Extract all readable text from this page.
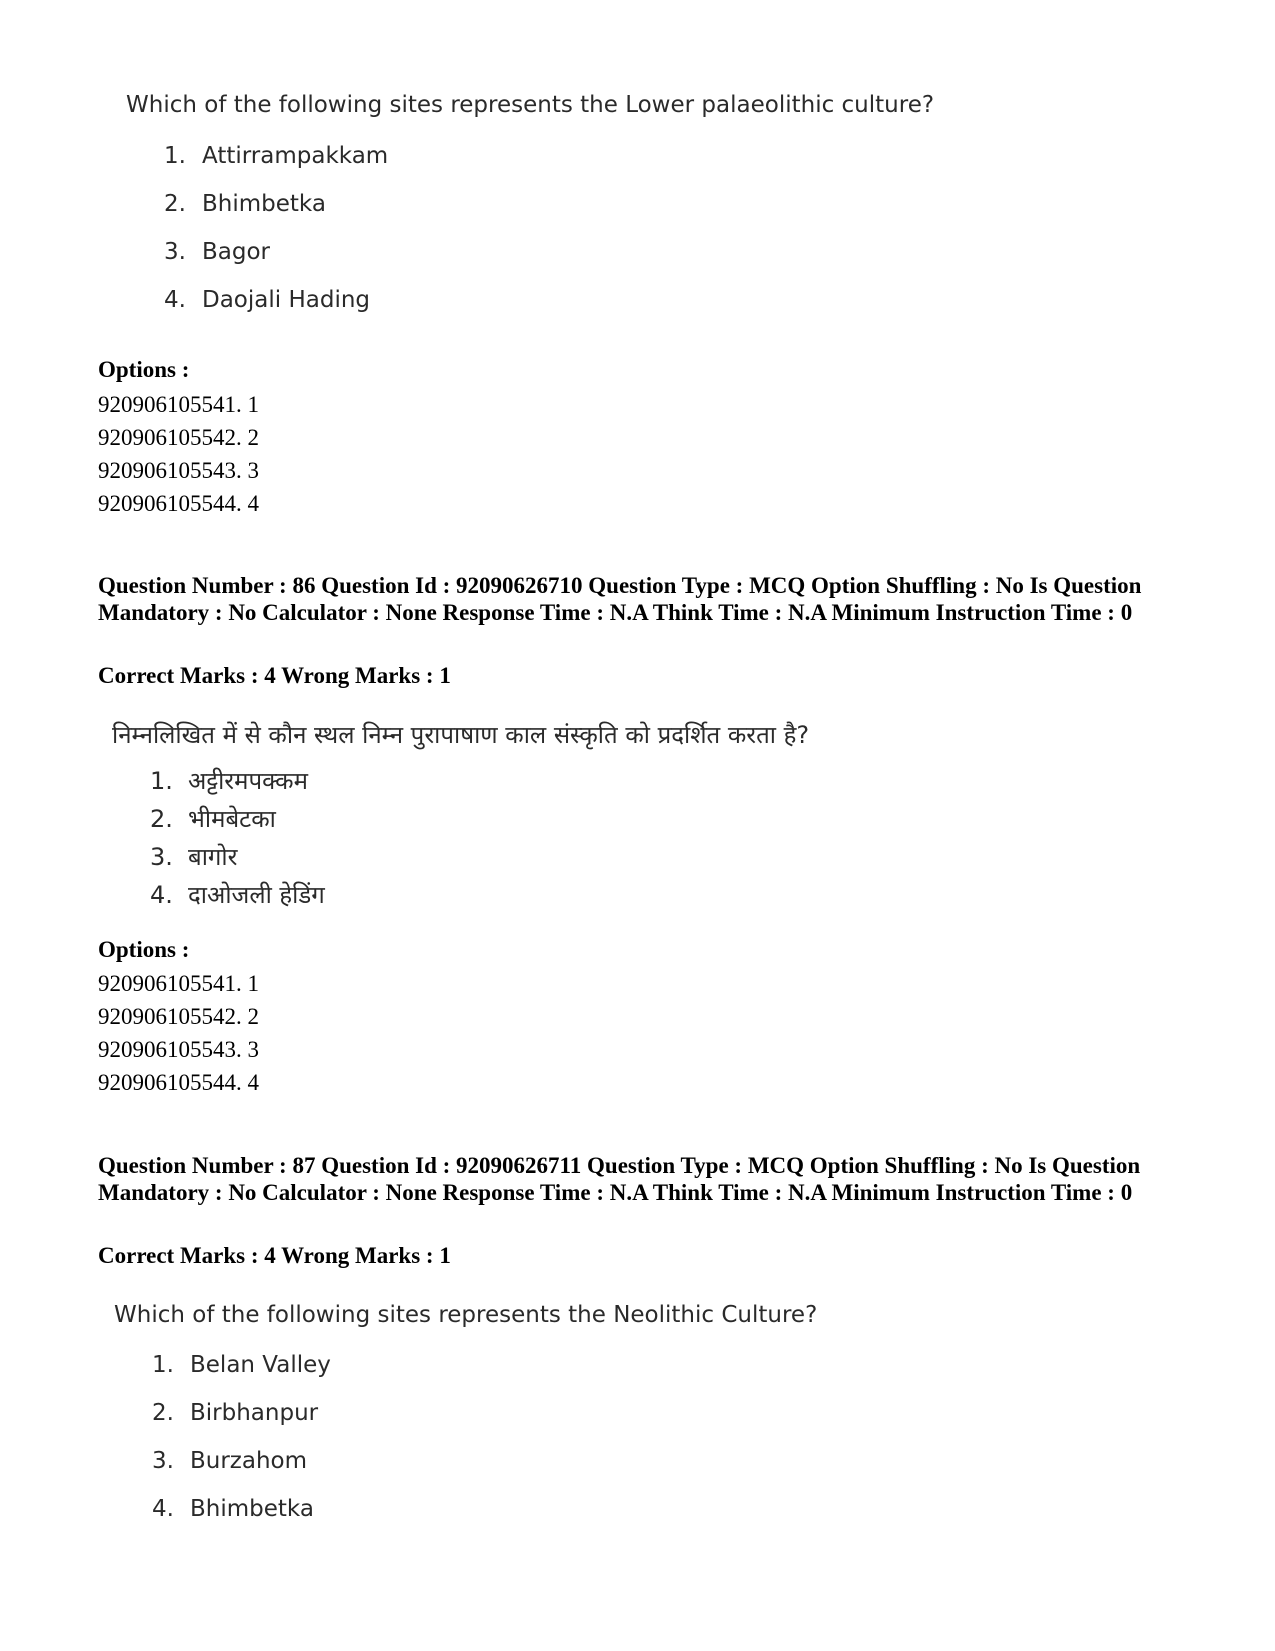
Which of the following sites represents the Lower palaeolithic culture?
1. Attirrampakkam
2. Bhimbetka
3. Bagor
4. Daojali Hading
Options :
920906105541. 1
920906105542. 2
920906105543. 3
920906105544. 4
Question Number : 86 Question Id : 92090626710 Question Type : MCQ Option Shuffling : No Is Question Mandatory : No Calculator : None Response Time : N.A Think Time : N.A Minimum Instruction Time : 0
Correct Marks : 4 Wrong Marks : 1
निम्नलिखित में से कौन स्थल निम्न पुरापाषाण काल संस्कृति को प्रदर्शित करता है?
1. अट्टीरमपक्कम
2. भीमबेटका
3. बागोर
4. दाओजली हेडिंग
Options :
920906105541. 1
920906105542. 2
920906105543. 3
920906105544. 4
Question Number : 87 Question Id : 92090626711 Question Type : MCQ Option Shuffling : No Is Question Mandatory : No Calculator : None Response Time : N.A Think Time : N.A Minimum Instruction Time : 0
Correct Marks : 4 Wrong Marks : 1
Which of the following sites represents the Neolithic Culture?
1. Belan Valley
2. Birbhanpur
3. Burzahom
4. Bhimbetka
